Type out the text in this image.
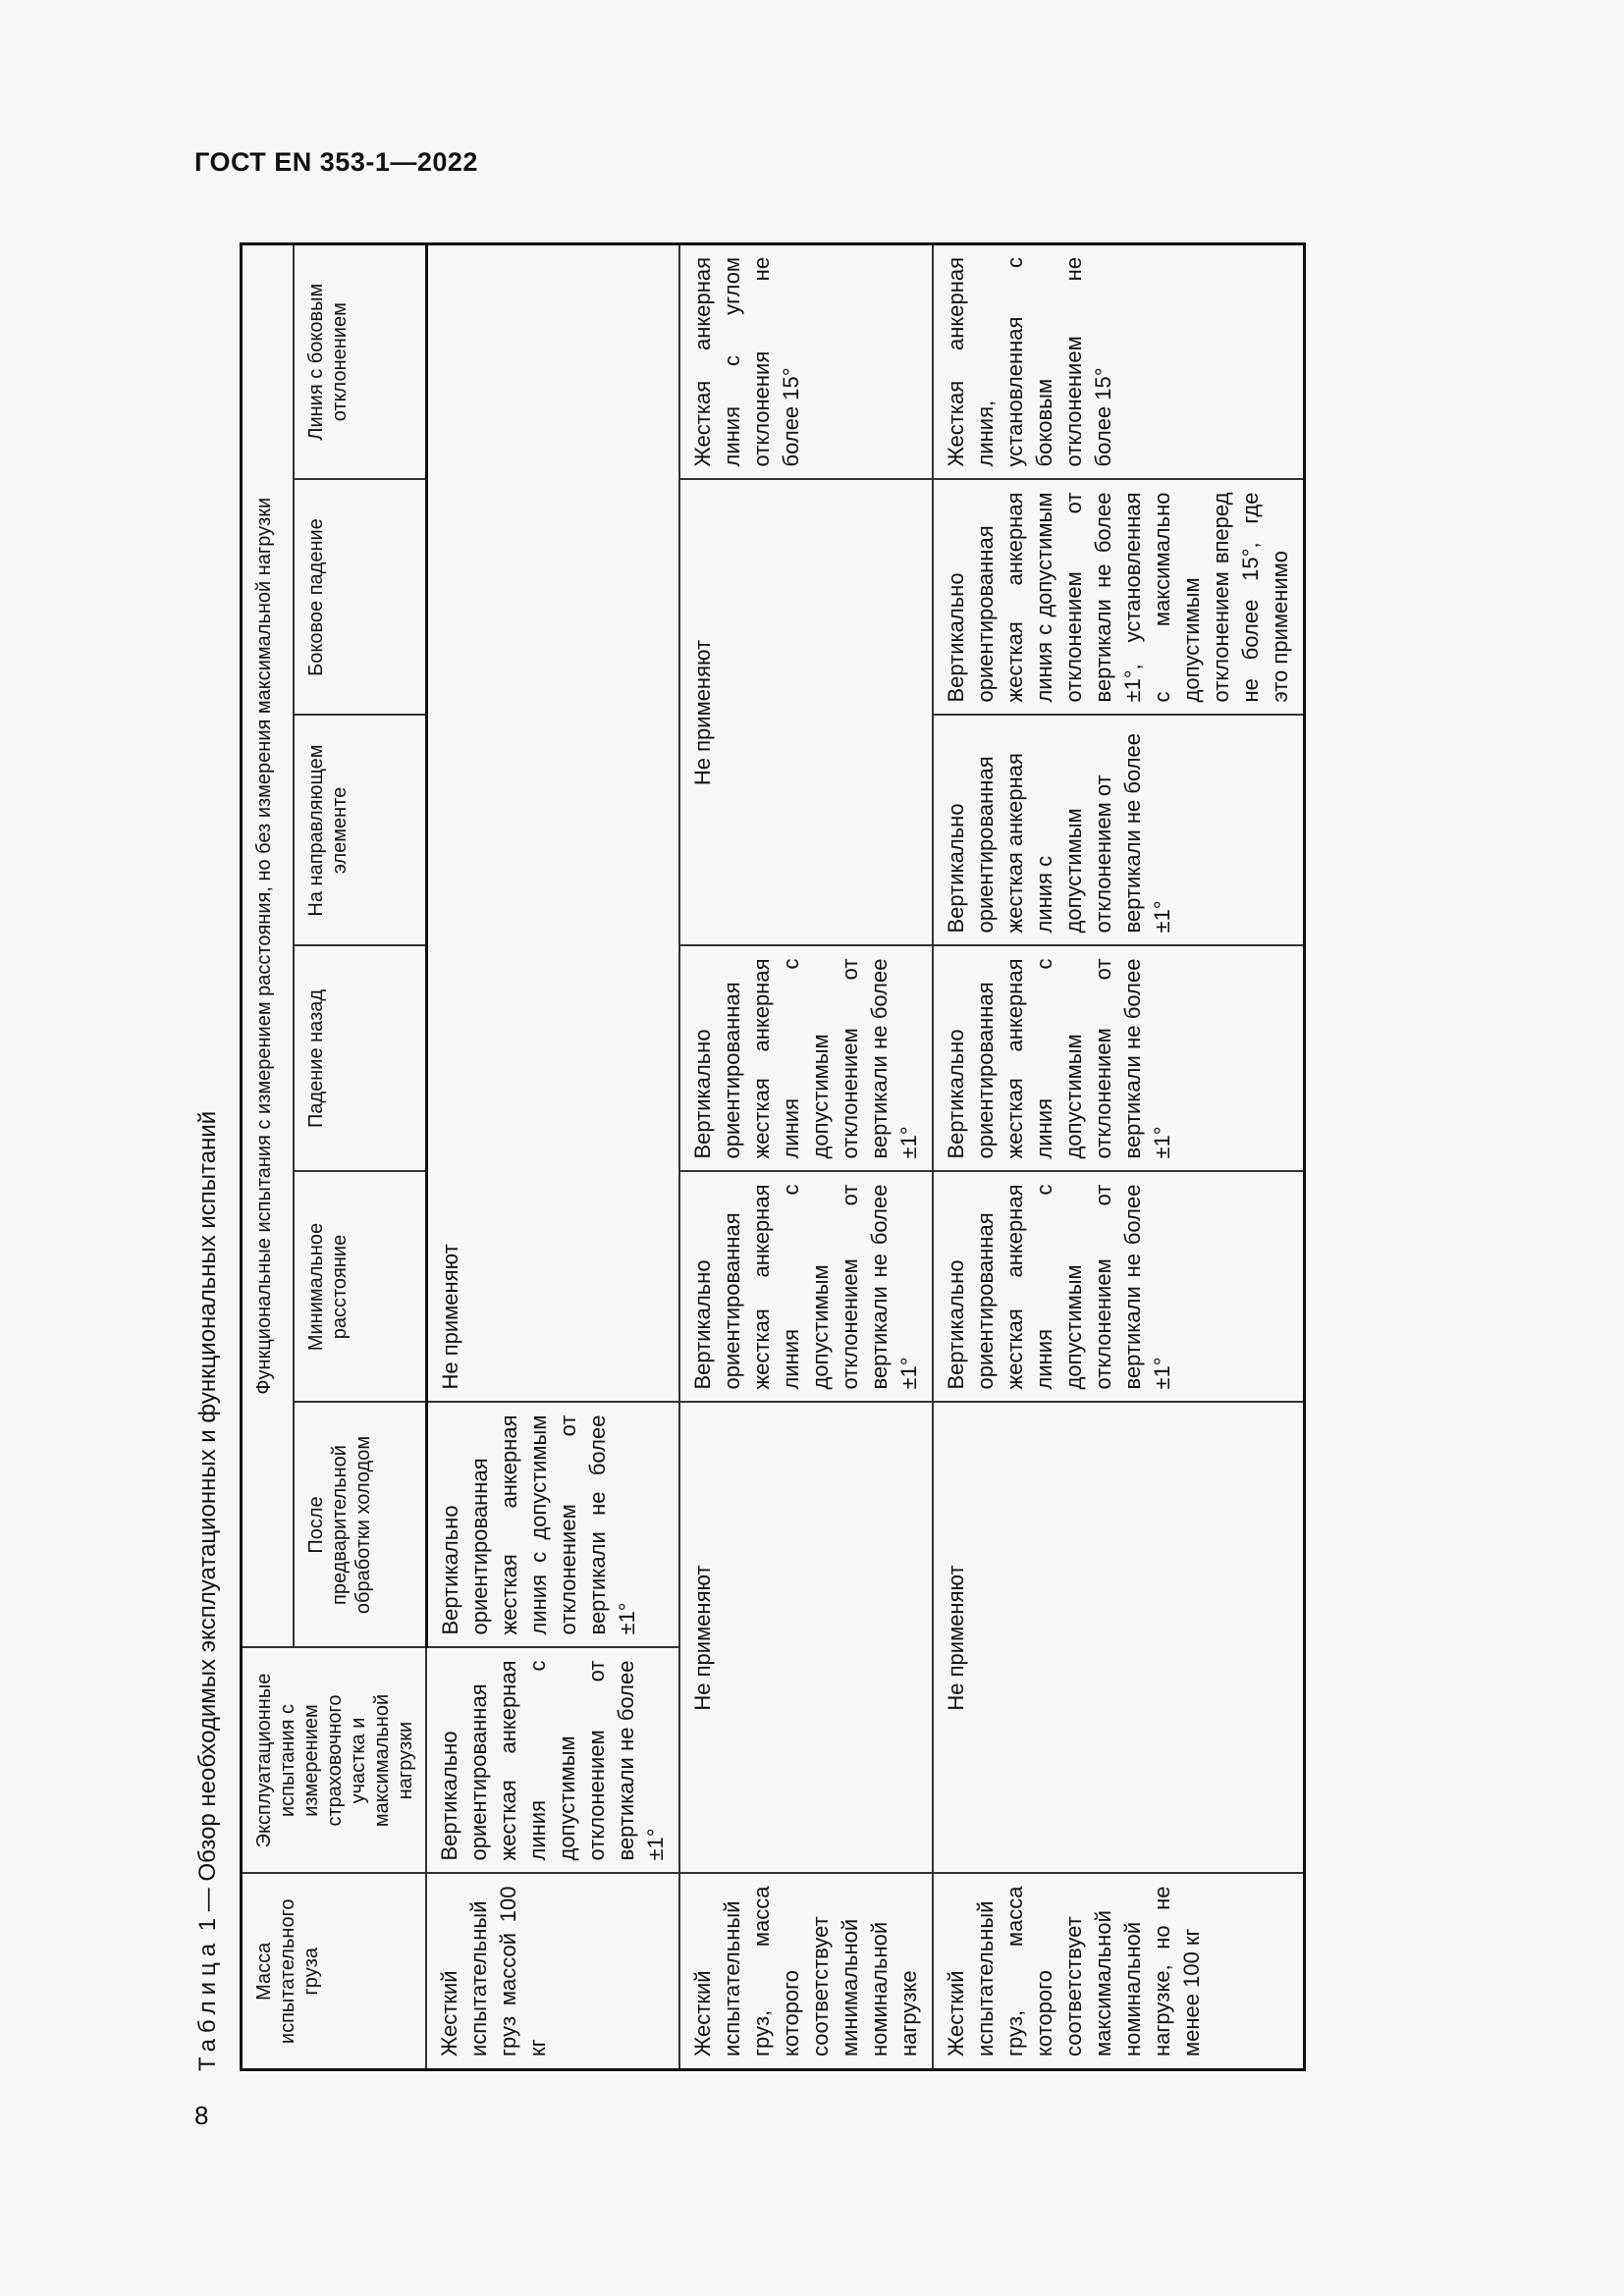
ГОСТ EN 353-1—2022
8
Таблица 1 — Обзор необходимых эксплуатационных и функциональных испытаний
Масса испытательного груза	Эксплуатационные испытания с измерением страховочного участка и максимальной нагрузки	Функциональные испытания с измерением расстояния, но без измерения максимальной нагрузки					
		После предварительной обработки холодом	Минимальное расстояние	Падение назад	На направляющем элементе	Боковое падение	Линия с боковым отклонением
Жесткий испытательный груз массой 100 кг	Вертикально ориентированная жесткая анкерная линия с допустимым отклонением от вертикали не более ±1°	Вертикально ориентированная жесткая анкерная линия с допустимым отклонением от вертикали не более ±1°	Не применяют				
Жесткий испытательный груз, масса которого соответствует минимальной номинальной нагрузке	Не применяют		Вертикально ориентированная жесткая анкерная линия с допустимым отклонением от вертикали не более ±1°	Вертикально ориентированная жесткая анкерная линия с допустимым отклонением от вертикали не более ±1°	Не применяют		Жесткая анкерная линия с углом отклонения не более 15°
Жесткий испытательный груз, масса которого соответствует максимальной номинальной нагрузке, но не менее 100 кг	Не применяют		Вертикально ориентированная жесткая анкерная линия с допустимым отклонением от вертикали не более ±1°	Вертикально ориентированная жесткая анкерная линия с допустимым отклонением от вертикали не более ±1°	Вертикально ориентированная жесткая анкерная линия с допустимым отклонением от вертикали не более ±1°	Вертикально ориентированная жесткая анкерная линия с допустимым отклонением от вертикали не более ±1°, установленная с максимально допустимым отклонением вперед не более 15°, где это применимо	Жесткая анкерная линия, установленная с боковым отклонением не более 15°
